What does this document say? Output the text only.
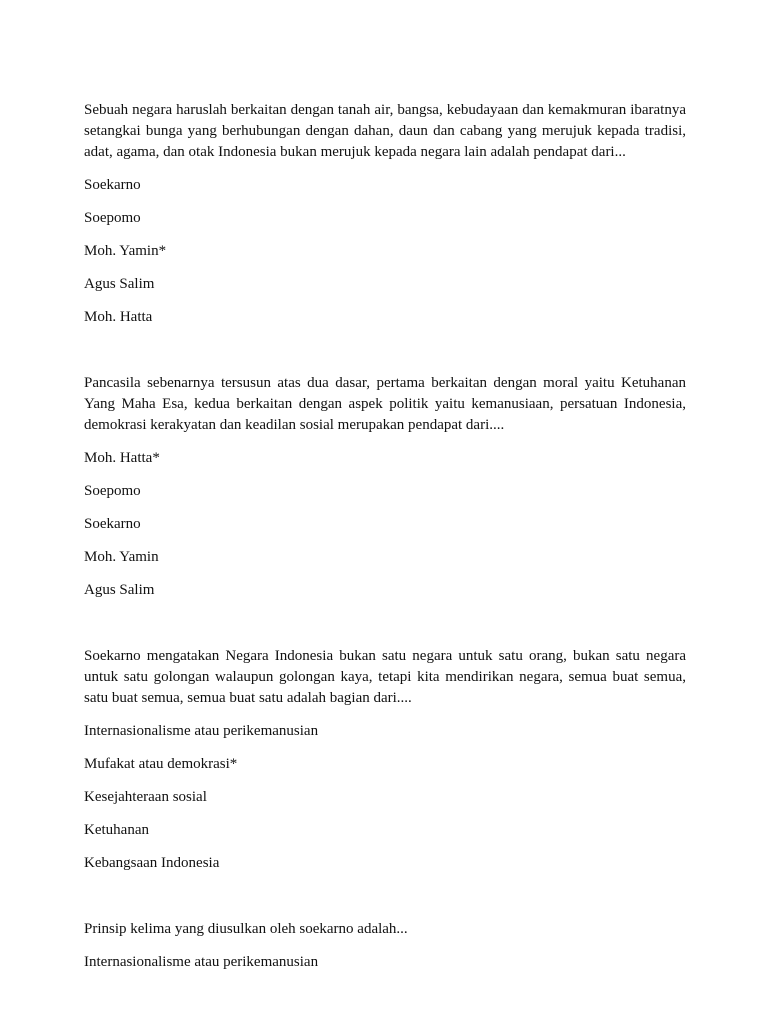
Sebuah negara haruslah berkaitan dengan tanah air, bangsa, kebudayaan dan kemakmuran ibaratnya setangkai bunga yang berhubungan dengan dahan, daun dan cabang yang merujuk kepada tradisi, adat, agama, dan otak Indonesia bukan merujuk kepada negara lain adalah pendapat dari...

Soekarno
Soepomo
Moh. Yamin*
Agus Salim
Moh. Hatta

Pancasila sebenarnya tersusun atas dua dasar, pertama berkaitan dengan moral yaitu Ketuhanan Yang Maha Esa, kedua berkaitan dengan aspek politik yaitu kemanusiaan, persatuan Indonesia, demokrasi kerakyatan dan keadilan sosial merupakan pendapat dari....

Moh. Hatta*
Soepomo
Soekarno
Moh. Yamin
Agus Salim

Soekarno mengatakan Negara Indonesia bukan satu negara untuk satu orang, bukan satu negara untuk satu golongan walaupun golongan kaya, tetapi kita mendirikan negara, semua buat semua, satu buat semua, semua buat satu adalah bagian dari....

Internasionalisme atau perikemanusian
Mufakat atau demokrasi*
Kesejahteraan sosial
Ketuhanan
Kebangsaan Indonesia

Prinsip kelima yang diusulkan oleh soekarno adalah...

Internasionalisme atau perikemanusian
